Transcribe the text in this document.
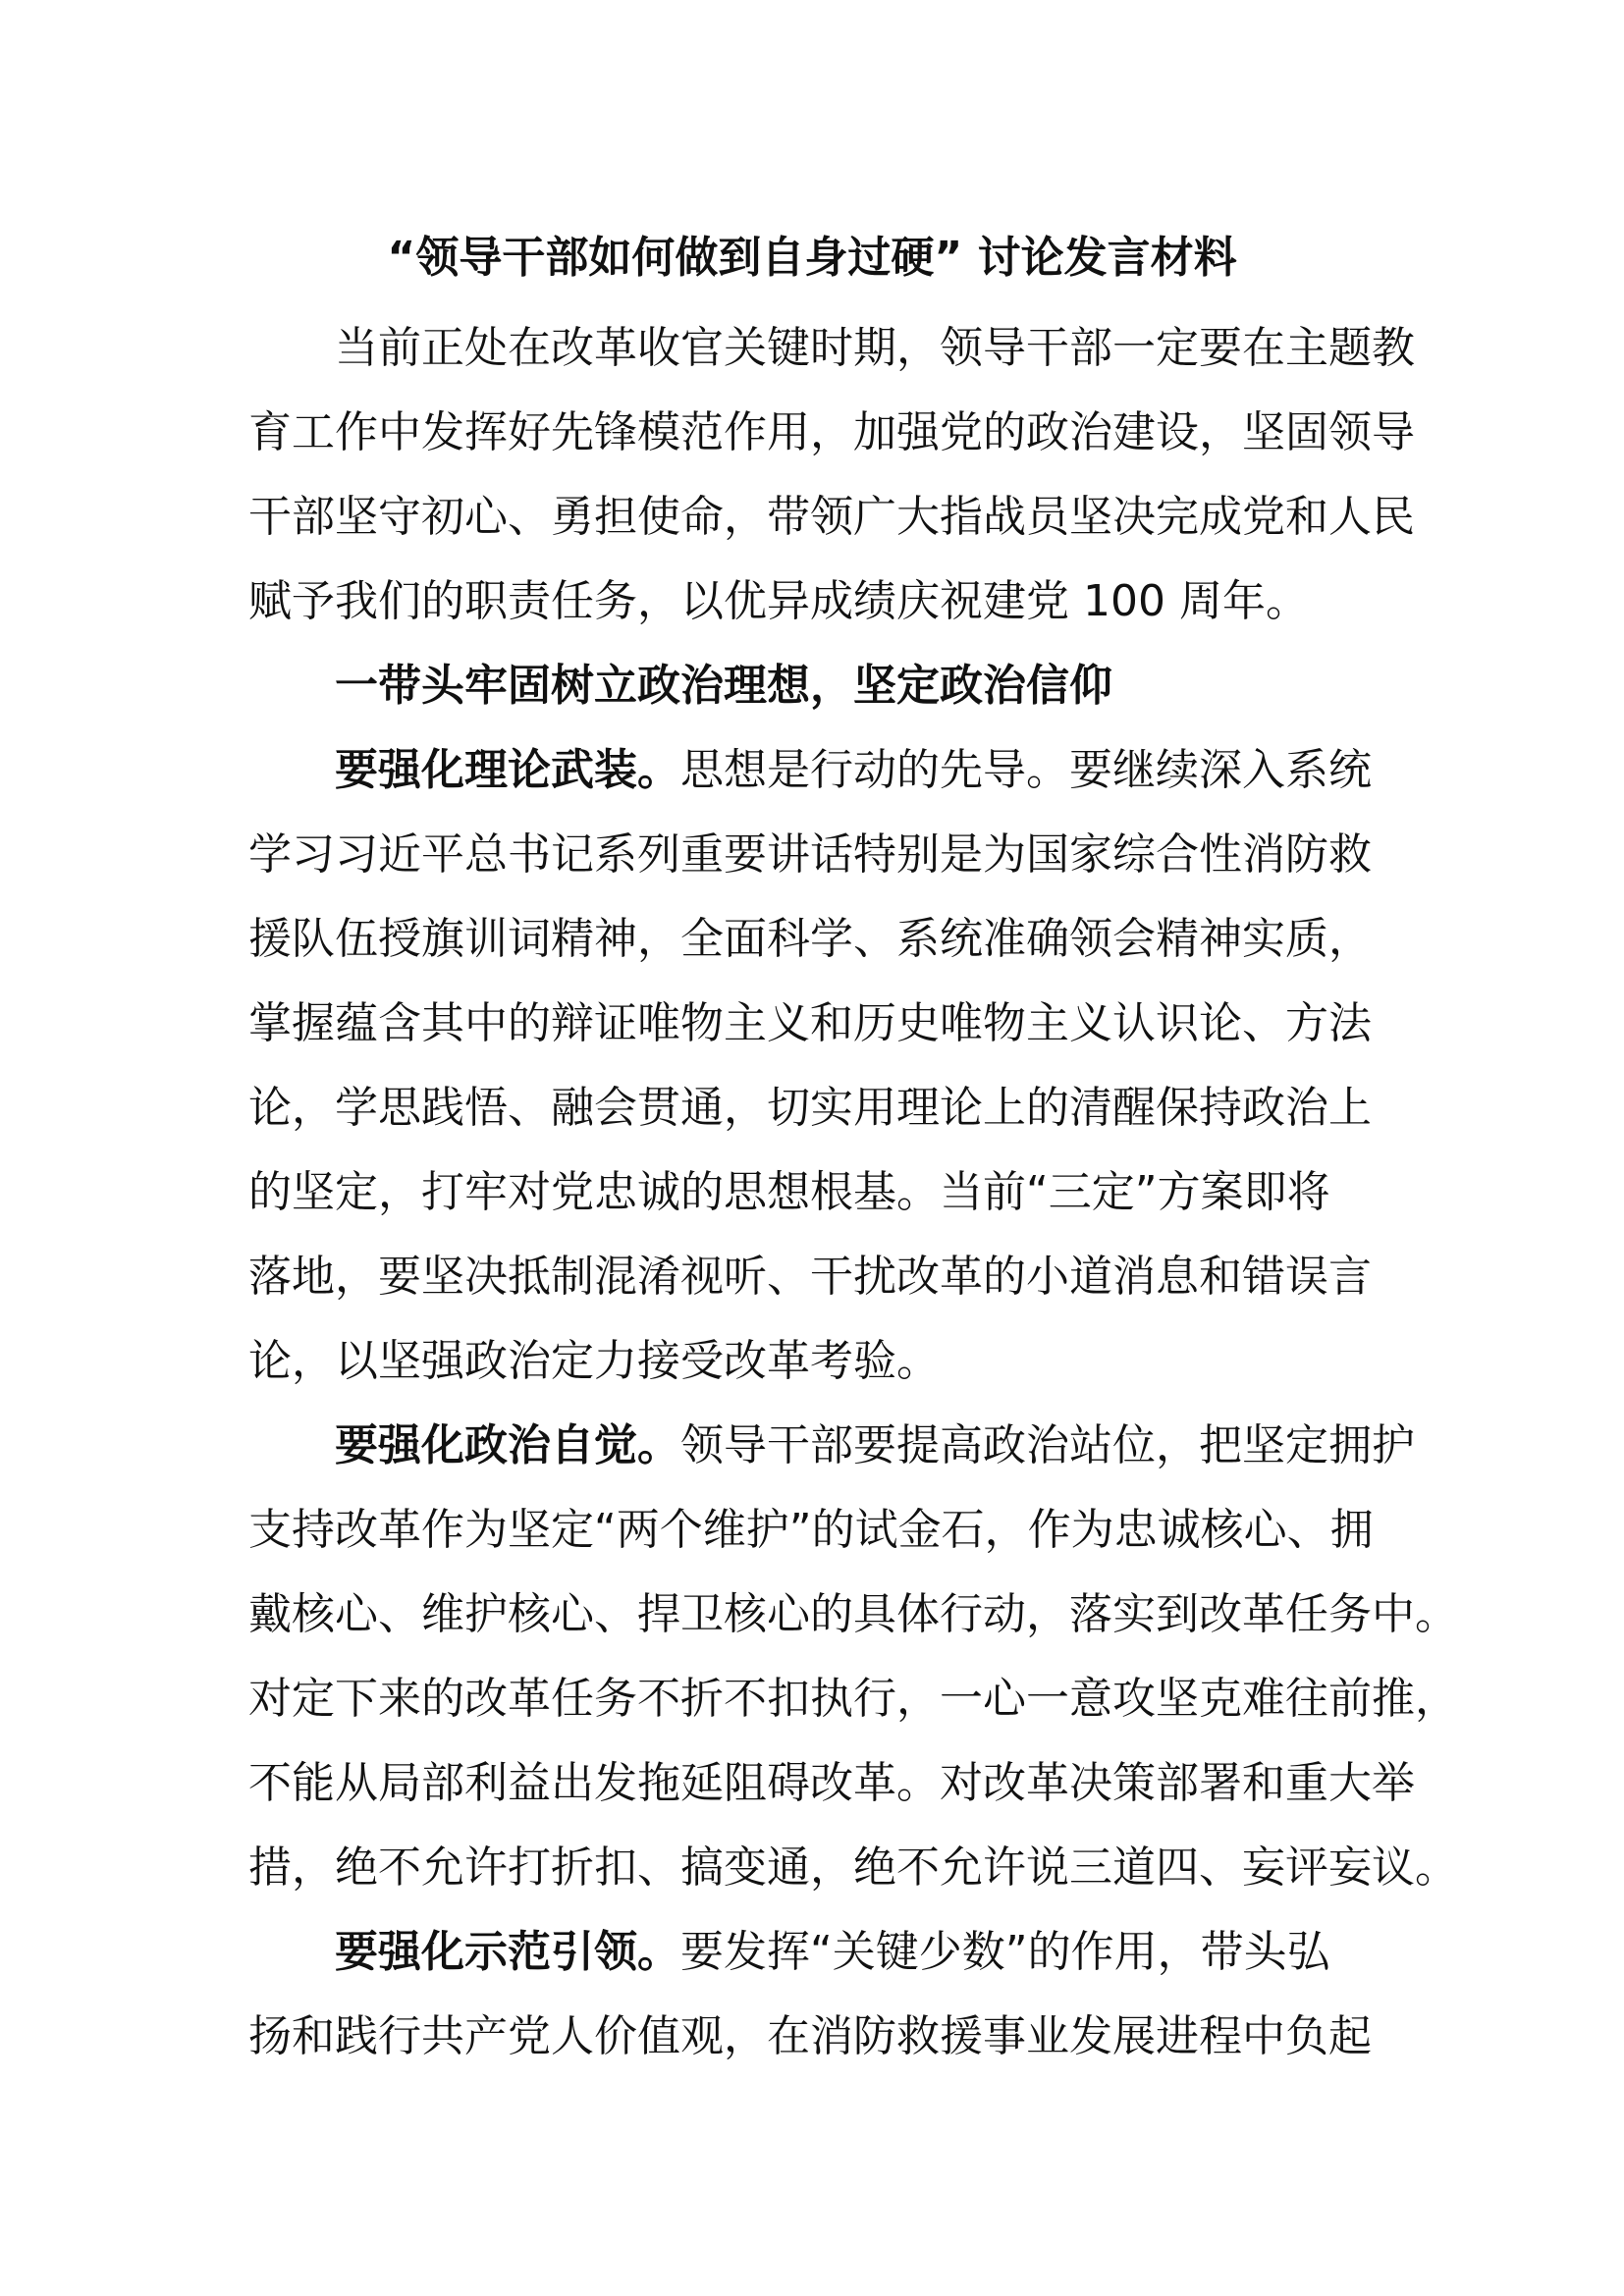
“领导干部如何做到自身过硬” 讨论发言材料
当前正处在改革收官关键时期，领导干部一定要在主题教
育工作中发挥好先锋模范作用，加强党的政治建设，坚固领导
干部坚守初心、勇担使命，带领广大指战员坚决完成党和人民
赋予我们的职责任务，以优异成绩庆祝建党 100 周年。
一带头牢固树立政治理想，坚定政治信仰
要强化理论武装。思想是行动的先导。要继续深入系统
学习习近平总书记系列重要讲话特别是为国家综合性消防救
援队伍授旗训词精神，全面科学、系统准确领会精神实质，
掌握蕴含其中的辩证唯物主义和历史唯物主义认识论、方法
论，学思践悟、融会贯通，切实用理论上的清醒保持政治上
的坚定，打牢对党忠诚的思想根基。当前“三定”方案即将
落地，要坚决抵制混淆视听、干扰改革的小道消息和错误言
论，以坚强政治定力接受改革考验。
要强化政治自觉。领导干部要提高政治站位，把坚定拥护
支持改革作为坚定“两个维护”的试金石，作为忠诚核心、拥
戴核心、维护核心、捍卫核心的具体行动，落实到改革任务中。
对定下来的改革任务不折不扣执行，一心一意攻坚克难往前推，
不能从局部利益出发拖延阻碍改革。对改革决策部署和重大举
措，绝不允许打折扣、搞变通，绝不允许说三道四、妄评妄议。
要强化示范引领。要发挥“关键少数”的作用，带头弘
扬和践行共产党人价值观，在消防救援事业发展进程中负起
